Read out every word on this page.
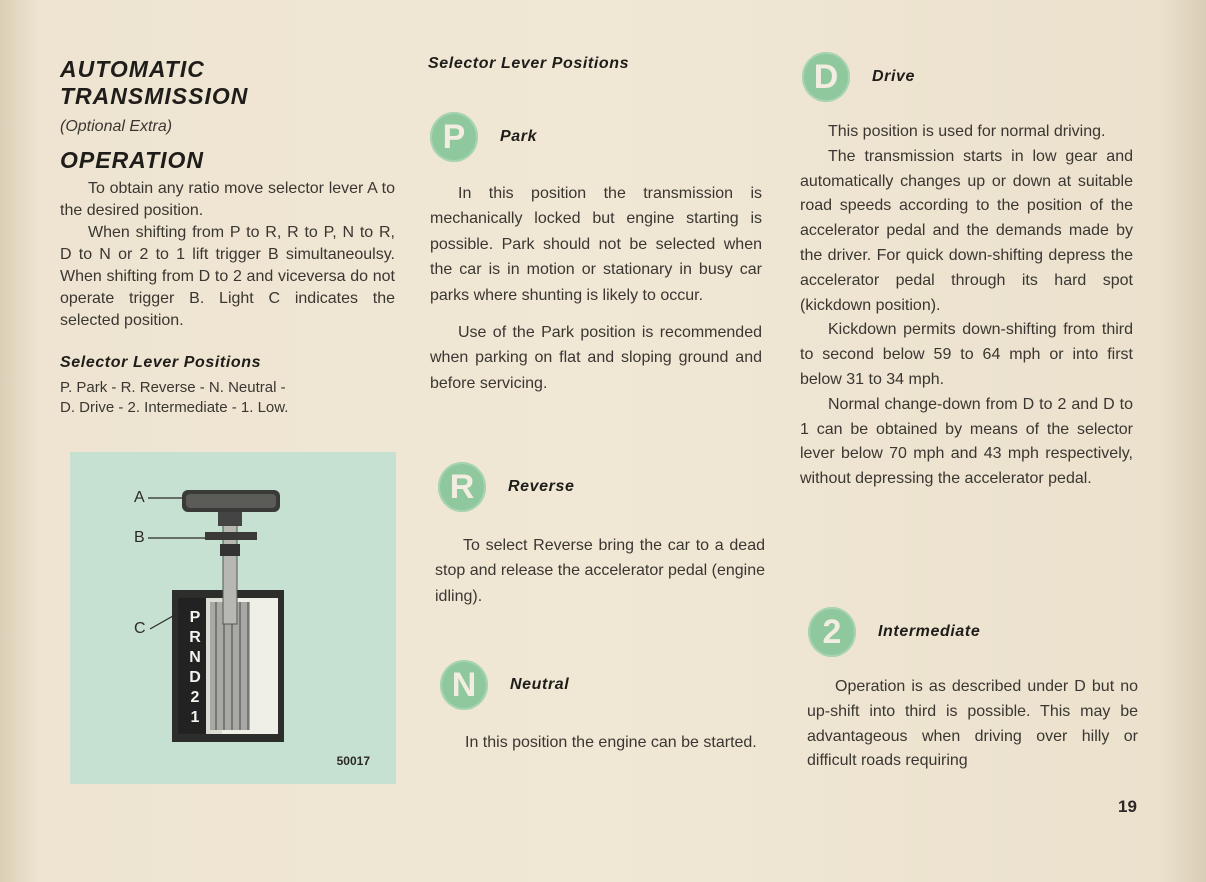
AUTOMATIC

TRANSMISSION

(Optional Extra)

OPERATION

To obtain any ratio move selector lever A to the desired position.

When shifting from P to R, R to P, N to R, D to N or 2 to 1 lift trigger B simultaneoulsy. When shifting from D to 2 and viceversa do not operate trigger B. Light C indicates the selected position.

Selector Lever Positions

P. Park - R. Reverse - N. Neutral -

D. Drive - 2. Intermediate - 1. Low.

A
B
C
P
R
N
D
2
1
50017
Selector Lever Positions
P	Park

In this position the transmission is mechanically locked but engine starting is possible. Park should not be selected when the car is in motion or stationary in busy car parks where shunting is likely to occur.

Use of the Park position is recommended when parking on flat and sloping ground and before servicing.

R	Reverse

To select Reverse bring the car to a dead stop and release the accelerator pedal (engine idling).

N	Neutral

In this position the engine can be started.

D	Drive

This position is used for normal driving.

The transmission starts in low gear and automatically changes up or down at suitable road speeds according to the position of the accelerator pedal and the demands made by the driver. For quick down-shifting depress the accelerator pedal through its hard spot (kickdown position).

Kickdown permits down-shifting from third to second below 59 to 64 mph or into first below 31 to 34 mph.

Normal change-down from D to 2 and D to 1 can be obtained by means of the selector lever below 70 mph and 43 mph respectively, without depressing the accelerator pedal.

2	Intermediate

Operation is as described under D but no up-shift into third is possible. This may be advantageous when driving over hilly or difficult roads requiring

19
